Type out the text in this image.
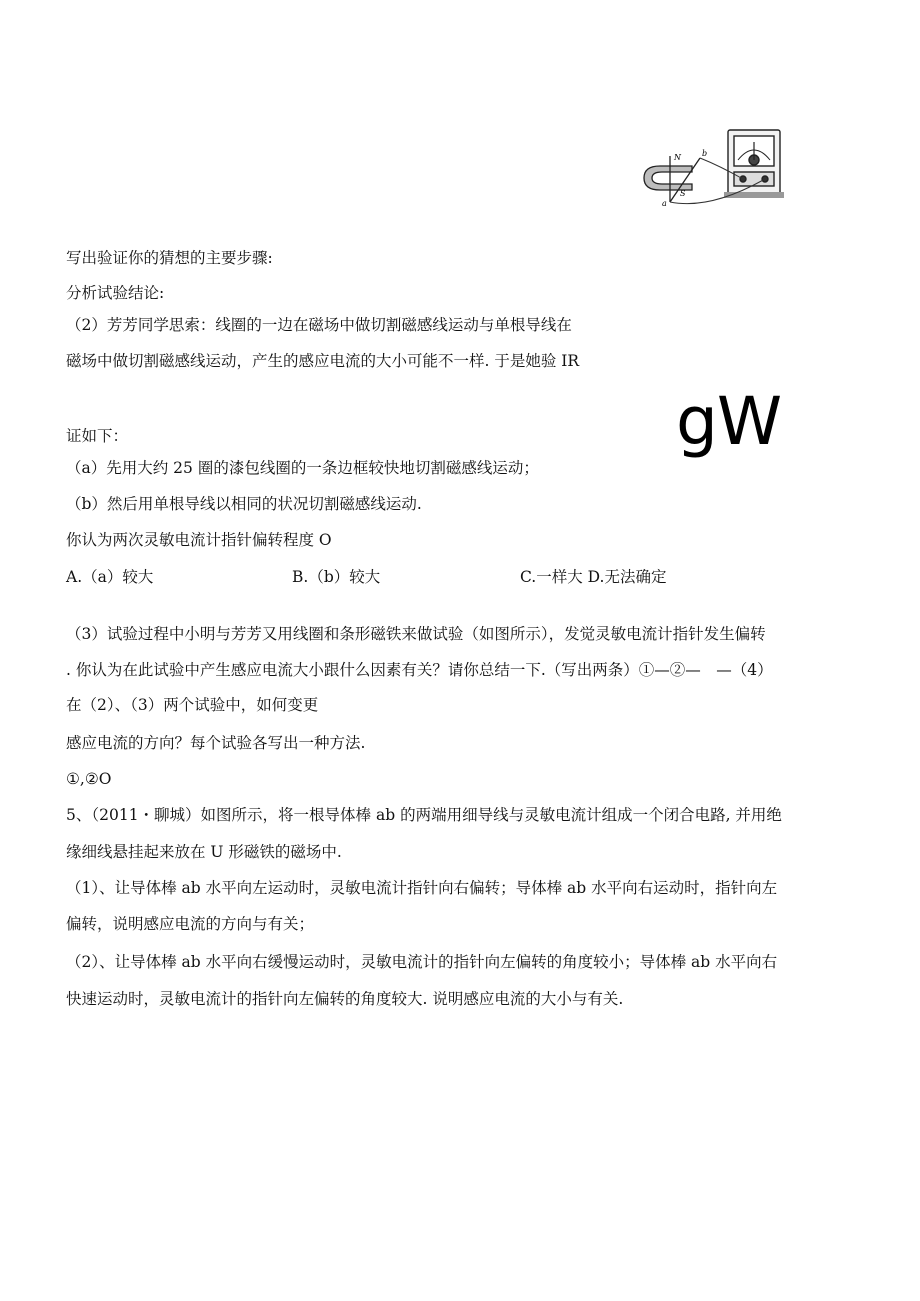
N
S
a
b
写出验证你的猜想的主要步骤:
分析试验结论:
（2）芳芳同学思索：线圈的一边在磁场中做切割磁感线运动与单根导线在
磁场中做切割磁感线运动，产生的感应电流的大小可能不一样. 于是她验 IR
gW
证如下：
（a）先用大约 25 圈的漆包线圈的一条边框较快地切割磁感线运动；
（b）然后用单根导线以相同的状况切割磁感线运动.
你认为两次灵敏电流计指针偏转程度 O
A.（a）较大	B.（b）较大	C.一样大 D.无法确定
（3）试验过程中小明与芳芳又用线圈和条形磁铁来做试验（如图所示），发觉灵敏电流计指针发生偏转
. 你认为在此试验中产生感应电流大小跟什么因素有关？请你总结一下.（写出两条）①—②—　—（4）
在（2）、（3）两个试验中，如何变更
感应电流的方向？每个试验各写出一种方法.
①,②O
5、（2011・聊城）如图所示，将一根导体棒 ab 的两端用细导线与灵敏电流计组成一个闭合电路, 并用绝
缘细线悬挂起来放在 U 形磁铁的磁场中.
（1）、让导体棒 ab 水平向左运动时，灵敏电流计指针向右偏转；导体棒 ab 水平向右运动时，指针向左
偏转，说明感应电流的方向与有关；
（2）、让导体棒 ab 水平向右缓慢运动时，灵敏电流计的指针向左偏转的角度较小；导体棒 ab 水平向右
快速运动时，灵敏电流计的指针向左偏转的角度较大. 说明感应电流的大小与有关.
